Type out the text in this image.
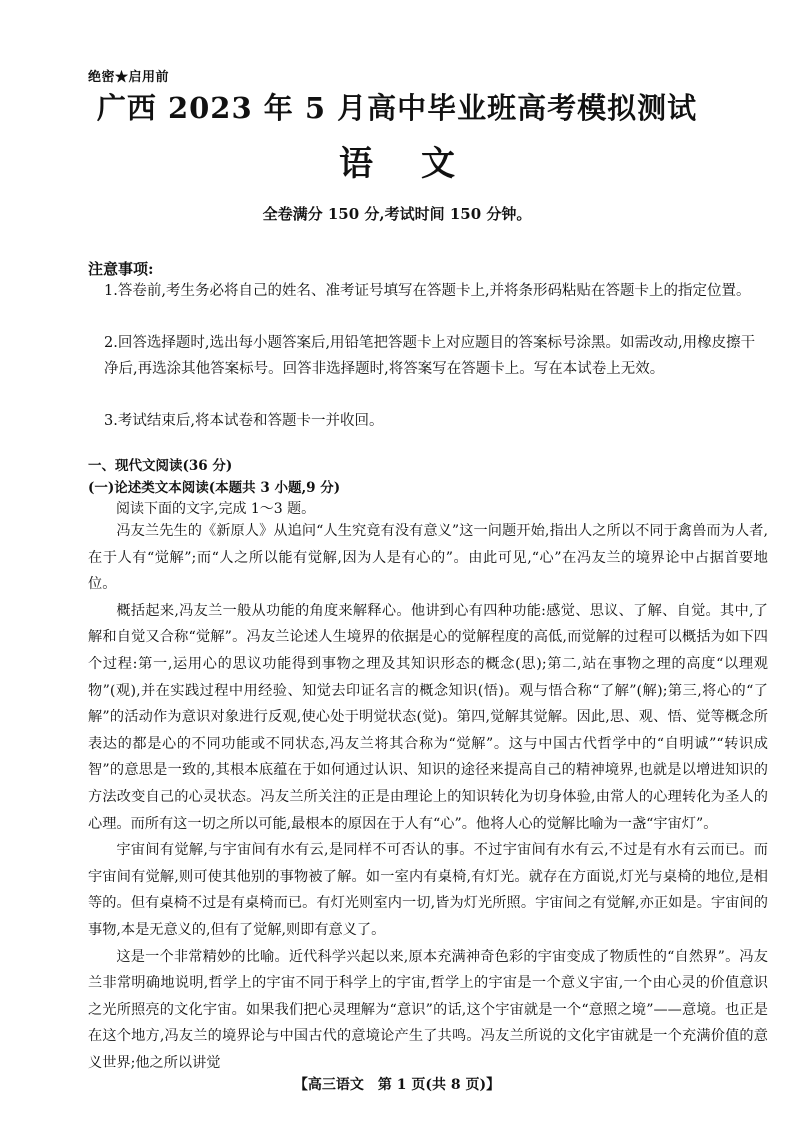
绝密★启用前
广西 2023 年 5 月高中毕业班高考模拟测试
语文
全卷满分 150 分,考试时间 150 分钟。
注意事项:
1.答卷前,考生务必将自己的姓名、准考证号填写在答题卡上,并将条形码粘贴在答题卡上的指定位置。
2.回答选择题时,选出每小题答案后,用铅笔把答题卡上对应题目的答案标号涂黑。如需改动,用橡皮擦干净后,再选涂其他答案标号。回答非选择题时,将答案写在答题卡上。写在本试卷上无效。
3.考试结束后,将本试卷和答题卡一并收回。
一、现代文阅读(36 分)
(一)论述类文本阅读(本题共 3 小题,9 分)
阅读下面的文字,完成 1～3 题。

冯友兰先生的《新原人》从追问“人生究竟有没有意义”这一问题开始,指出人之所以不同于禽兽而为人者,在于人有“觉解”;而“人之所以能有觉解,因为人是有心的”。由此可见,“心”在冯友兰的境界论中占据首要地位。

概括起来,冯友兰一般从功能的角度来解释心。他讲到心有四种功能:感觉、思议、了解、自觉。其中,了解和自觉又合称“觉解”。冯友兰论述人生境界的依据是心的觉解程度的高低,而觉解的过程可以概括为如下四个过程:第一,运用心的思议功能得到事物之理及其知识形态的概念(思);第二,站在事物之理的高度“以理观物”(观),并在实践过程中用经验、知觉去印证名言的概念知识(悟)。观与悟合称“了解”(解);第三,将心的“了解”的活动作为意识对象进行反观,使心处于明觉状态(觉)。第四,觉解其觉解。因此,思、观、悟、觉等概念所表达的都是心的不同功能或不同状态,冯友兰将其合称为“觉解”。这与中国古代哲学中的“自明诚”“转识成智”的意思是一致的,其根本底蕴在于如何通过认识、知识的途径来提高自己的精神境界,也就是以增进知识的方法改变自己的心灵状态。冯友兰所关注的正是由理论上的知识转化为切身体验,由常人的心理转化为圣人的心理。而所有这一切之所以可能,最根本的原因在于人有“心”。他将人心的觉解比喻为一盏“宇宙灯”。

宇宙间有觉解,与宇宙间有水有云,是同样不可否认的事。不过宇宙间有水有云,不过是有水有云而已。而宇宙间有觉解,则可使其他别的事物被了解。如一室内有桌椅,有灯光。就存在方面说,灯光与桌椅的地位,是相等的。但有桌椅不过是有桌椅而已。有灯光则室内一切,皆为灯光所照。宇宙间之有觉解,亦正如是。宇宙间的事物,本是无意义的,但有了觉解,则即有意义了。

这是一个非常精妙的比喻。近代科学兴起以来,原本充满神奇色彩的宇宙变成了物质性的“自然界”。冯友兰非常明确地说明,哲学上的宇宙不同于科学上的宇宙,哲学上的宇宙是一个意义宇宙,一个由心灵的价值意识之光所照亮的文化宇宙。如果我们把心灵理解为“意识”的话,这个宇宙就是一个“意照之境”——意境。也正是在这个地方,冯友兰的境界论与中国古代的意境论产生了共鸣。冯友兰所说的文化宇宙就是一个充满价值的意义世界;他之所以讲觉

【高三语文　第 1 页(共 8 页)】
